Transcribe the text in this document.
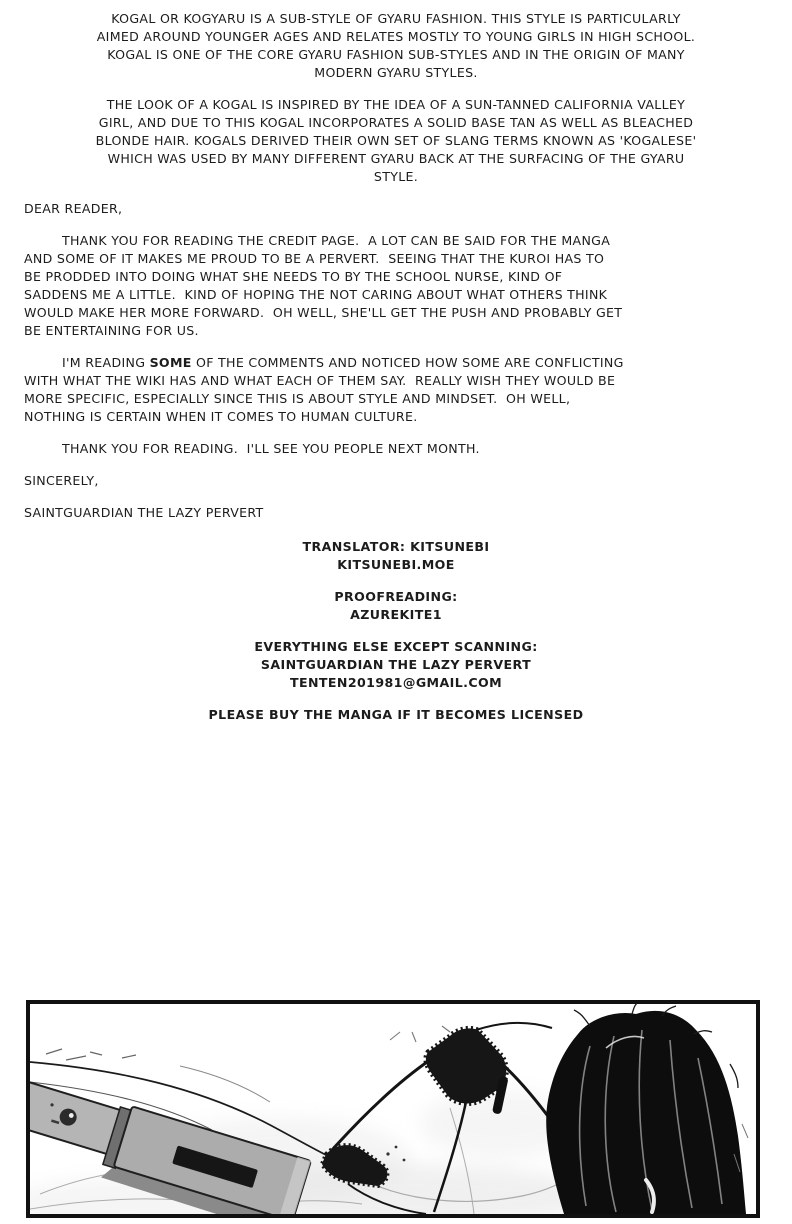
KOGAL OR KOGYARU IS A SUB-STYLE OF GYARU FASHION. THIS STYLE IS PARTICULARLY
AIMED AROUND YOUNGER AGES AND RELATES MOSTLY TO YOUNG GIRLS IN HIGH SCHOOL.
KOGAL IS ONE OF THE CORE GYARU FASHION SUB-STYLES AND IN THE ORIGIN OF MANY
MODERN GYARU STYLES.

THE LOOK OF A KOGAL IS INSPIRED BY THE IDEA OF A SUN-TANNED CALIFORNIA VALLEY
GIRL, AND DUE TO THIS KOGAL INCORPORATES A SOLID BASE TAN AS WELL AS BLEACHED
BLONDE HAIR. KOGALS DERIVED THEIR OWN SET OF SLANG TERMS KNOWN AS 'KOGALESE'
WHICH WAS USED BY MANY DIFFERENT GYARU BACK AT THE SURFACING OF THE GYARU
STYLE.

DEAR READER,

THANK YOU FOR READING THE CREDIT PAGE.  A LOT CAN BE SAID FOR THE MANGA
AND SOME OF IT MAKES ME PROUD TO BE A PERVERT.  SEEING THAT THE KUROI HAS TO
BE PRODDED INTO DOING WHAT SHE NEEDS TO BY THE SCHOOL NURSE, KIND OF
SADDENS ME A LITTLE.  KIND OF HOPING THE NOT CARING ABOUT WHAT OTHERS THINK
WOULD MAKE HER MORE FORWARD.  OH WELL, SHE'LL GET THE PUSH AND PROBABLY GET
BE ENTERTAINING FOR US.

I'M READING SOME OF THE COMMENTS AND NOTICED HOW SOME ARE CONFLICTING
WITH WHAT THE WIKI HAS AND WHAT EACH OF THEM SAY.  REALLY WISH THEY WOULD BE
MORE SPECIFIC, ESPECIALLY SINCE THIS IS ABOUT STYLE AND MINDSET.  OH WELL,
NOTHING IS CERTAIN WHEN IT COMES TO HUMAN CULTURE.

THANK YOU FOR READING.  I'LL SEE YOU PEOPLE NEXT MONTH.

SINCERELY,

SAINTGUARDIAN THE LAZY PERVERT

TRANSLATOR: KITSUNEBI
KITSUNEBI.MOE
PROOFREADING:
AZUREKITE1
EVERYTHING ELSE EXCEPT SCANNING:
SAINTGUARDIAN THE LAZY PERVERT
TENTEN201981@GMAIL.COM
PLEASE BUY THE MANGA IF IT BECOMES LICENSED
